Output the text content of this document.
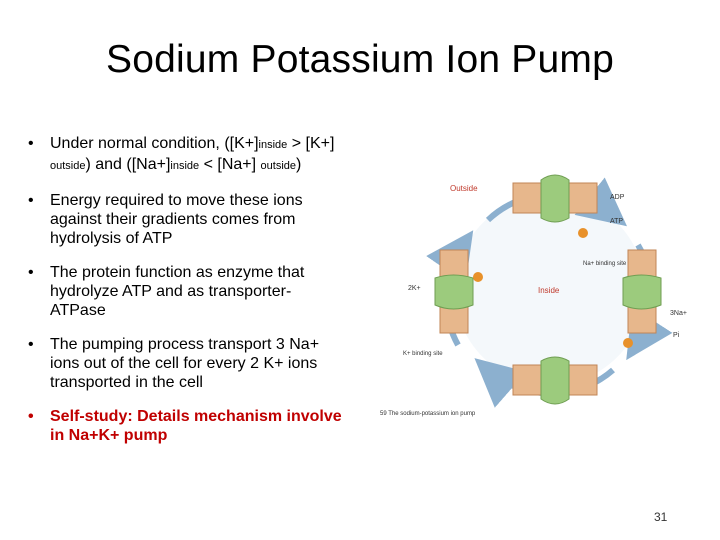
Sodium Potassium Ion Pump
• Under normal condition, ([K+]inside > [K+] outside) and ([Na+]inside < [Na+] outside)
• Energy required to move these ions against their gradients comes from hydrolysis of ATP
• The protein function as enzyme that hydrolyze ATP and as transporter- ATPase
• The pumping process transport 3 Na+ ions out of the cell for every 2 K+ ions transported in the cell
• Self-study: Details mechanism involve in Na+K+ pump
Outside
Inside
ATP
ADP
Pi
3Na+
2K+
Na+ binding site
K+ binding site
59 The sodium-potassium ion pump
31
